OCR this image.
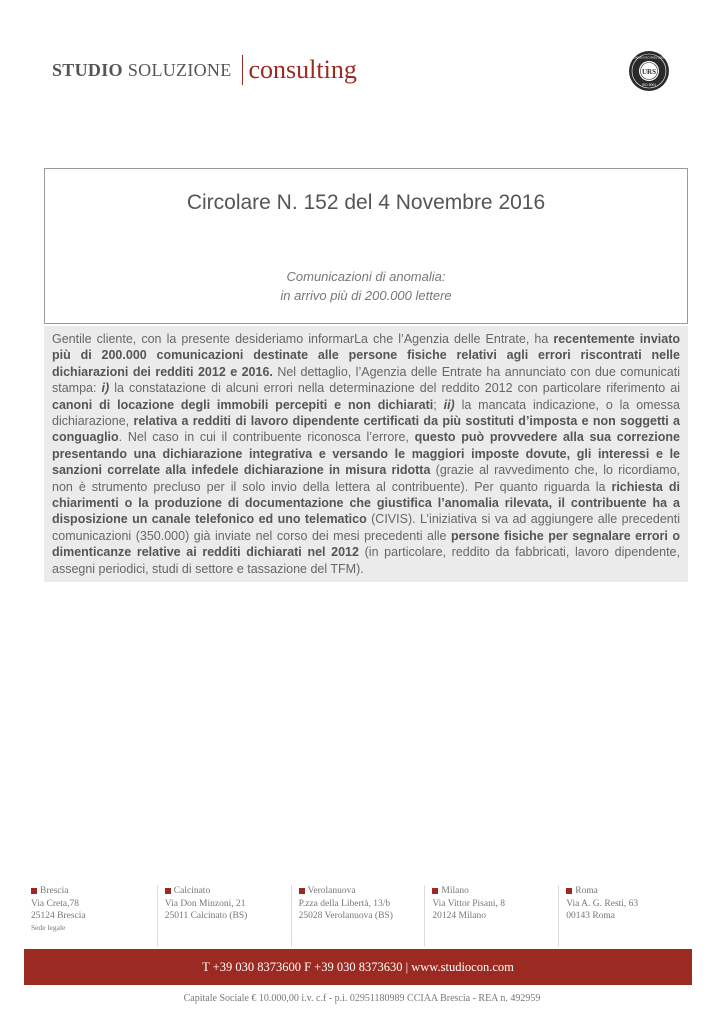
STUDIO SOLUZIONE consulting	URS
UNI EN ISO 9001:2008
ISO 9001
Circolare N. 152 del 4 Novembre 2016
Comunicazioni di anomalia:
in arrivo più di 200.000 lettere

Gentile cliente, con la presente desideriamo informarLa che l’Agenzia delle Entrate, ha recentemente inviato più di 200.000 comunicazioni destinate alle persone fisiche relativi agli errori riscontrati nelle dichiarazioni dei redditi 2012 e 2016. Nel dettaglio, l’Agenzia delle Entrate ha annunciato con due comunicati stampa: i) la constatazione di alcuni errori nella determinazione del reddito 2012 con particolare riferimento ai canoni di locazione degli immobili percepiti e non dichiarati; ii) la mancata indicazione, o la omessa dichiarazione, relativa a redditi di lavoro dipendente certificati da più sostituti d’imposta e non soggetti a conguaglio. Nel caso in cui il contribuente riconosca l’errore, questo può provvedere alla sua correzione presentando una dichiarazione integrativa e versando le maggiori imposte dovute, gli interessi e le sanzioni correlate alla infedele dichiarazione in misura ridotta (grazie al ravvedimento che, lo ricordiamo, non è strumento precluso per il solo invio della lettera al contribuente). Per quanto riguarda la richiesta di chiarimenti o la produzione di documentazione che giustifica l’anomalia rilevata, il contribuente ha a disposizione un canale telefonico ed uno telematico (CIVIS). L’iniziativa si va ad aggiungere alle precedenti comunicazioni (350.000) già inviate nel corso dei mesi precedenti alle persone fisiche per segnalare errori o dimenticanze relative ai redditi dichiarati nel 2012 (in particolare, reddito da fabbricati, lavoro dipendente, assegni periodici, studi di settore e tassazione del TFM).

Brescia
Via Creta,78
25124 Brescia
Sede legale
Calcinato
Via Don Minzoni, 21
25011 Calcinato (BS)
Verolanuova
P.zza della Libertà, 13/b
25028 Verolanuova (BS)
Milano
Via Vittor Pisani, 8
20124 Milano
Roma
Via A. G. Resti, 63
00143 Roma
T +39 030 8373600 F +39 030 8373630 | www.studiocon.com
Capitale Sociale € 10.000,00 i.v. c.f - p.i. 02951180989 CCIAA Brescia - REA n. 492959
